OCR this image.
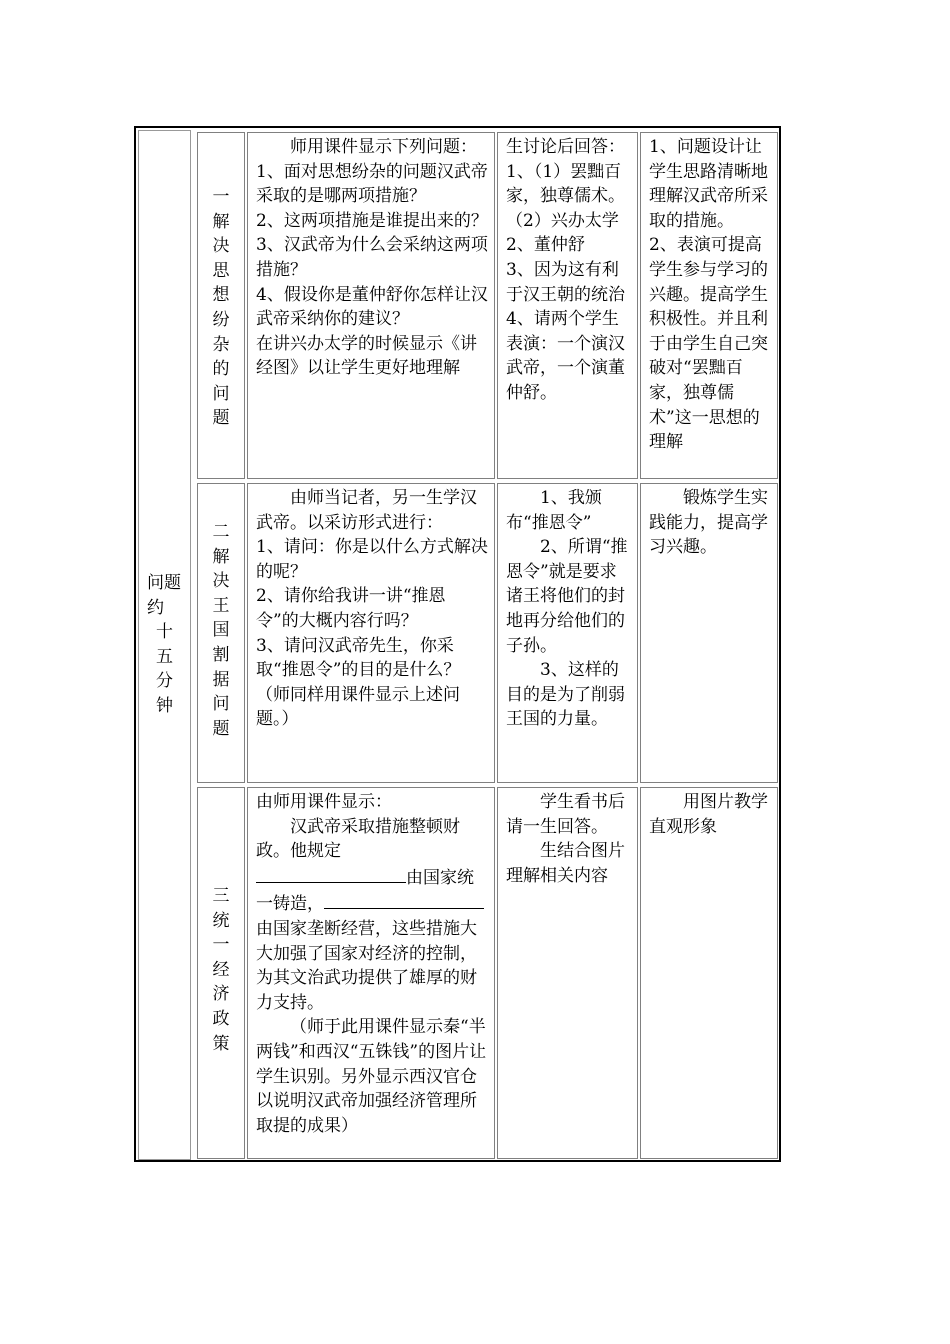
问题
约
十
五
分
钟
一
解
决
思
想
纷
杂
的
问
题

师用课件显示下列问题：

1、面对思想纷杂的问题汉武帝采取的是哪两项措施？

2、这两项措施是谁提出来的？

3、汉武帝为什么会采纳这两项措施？

4、假设你是董仲舒你怎样让汉武帝采纳你的建议？

在讲兴办太学的时候显示《讲经图》以让学生更好地理解

生讨论后回答：

1、（1）罢黜百家，独尊儒术。（2）兴办太学

2、董仲舒

3、因为这有利于汉王朝的统治

4、请两个学生表演：一个演汉武帝，一个演董仲舒。

1、问题设计让学生思路清晰地理解汉武帝所采取的措施。

2、表演可提高学生参与学习的兴趣。提高学生积极性。并且利于由学生自己突破对“罢黜百家，独尊儒术”这一思想的理解

二
解
决
王
国
割
据
问
题

由师当记者，另一生学汉武帝。以采访形式进行：

1、请问：你是以什么方式解决的呢？

2、请你给我讲一讲“推恩令”的大概内容行吗？

3、请问汉武帝先生，你采取“推恩令”的目的是什么？

（师同样用课件显示上述问题。）

1、我颁布“推恩令”

2、所谓“推恩令”就是要求诸王将他们的封地再分给他们的子孙。

3、这样的目的是为了削弱王国的力量。

锻炼学生实践能力，提高学习兴趣。

三
统
一
经
济
政
策

由师用课件显示：

汉武帝采取措施整顿财政。他规定由国家统一铸造，由国家垄断经营，这些措施大大加强了国家对经济的控制，为其文治武功提供了雄厚的财力支持。

（师于此用课件显示秦“半两钱”和西汉“五铢钱”的图片让学生识别。另外显示西汉官仓以说明汉武帝加强经济管理所取提的成果）

学生看书后请一生回答。

生结合图片理解相关内容

用图片教学直观形象
